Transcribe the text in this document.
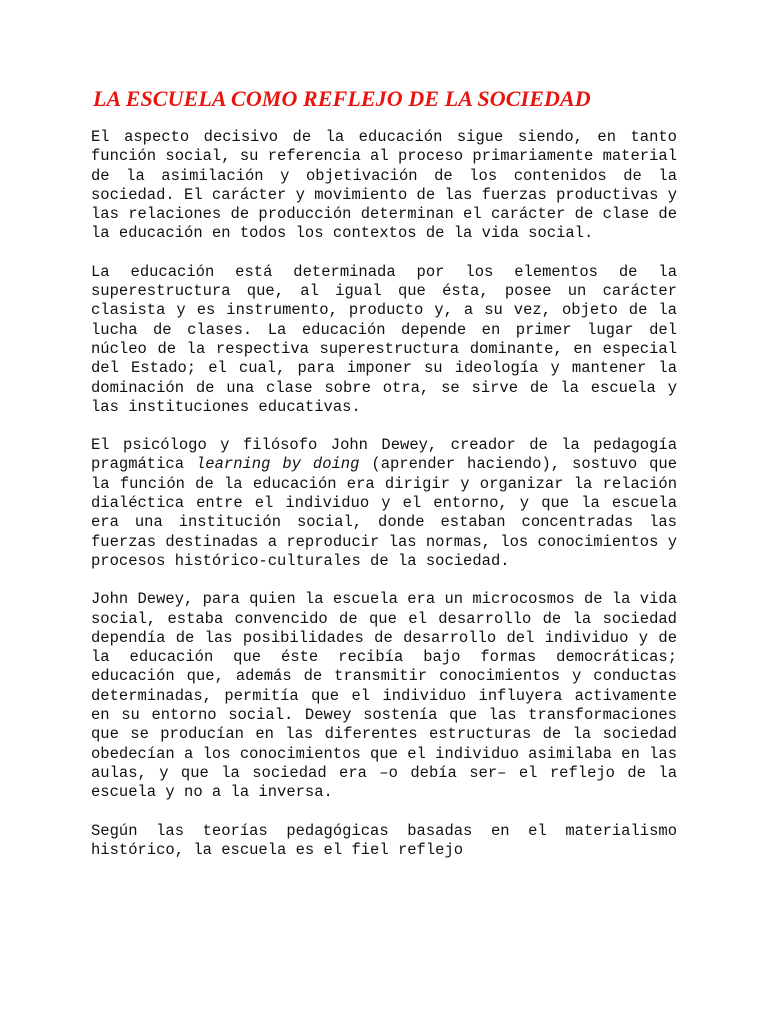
LA ESCUELA COMO REFLEJO DE LA SOCIEDAD

El aspecto decisivo de la educación sigue siendo, en tanto función social, su referencia al proceso primariamente material de la asimilación y objetivación de los contenidos de la sociedad. El carácter y movimiento de las fuerzas productivas y las relaciones de producción determinan el carácter de clase de la educación en todos los contextos de la vida social.

La educación está determinada por los elementos de la superestructura que, al igual que ésta, posee un carácter clasista y es instrumento, producto y, a su vez, objeto de la lucha de clases. La educación depende en primer lugar del núcleo de la respectiva superestructura dominante, en especial del Estado; el cual, para imponer su ideología y mantener la dominación de una clase sobre otra, se sirve de la escuela y las instituciones educativas.

El psicólogo y filósofo John Dewey, creador de la pedagogía pragmática learning by doing (aprender haciendo), sostuvo que la función de la educación era dirigir y organizar la relación dialéctica entre el individuo y el entorno, y que la escuela era una institución social, donde estaban concentradas las fuerzas destinadas a reproducir las normas, los conocimientos y procesos histórico-culturales de la sociedad.

John Dewey, para quien la escuela era un microcosmos de la vida social, estaba convencido de que el desarrollo de la sociedad dependía de las posibilidades de desarrollo del individuo y de la educación que éste recibía bajo formas democráticas; educación que, además de transmitir conocimientos y conductas determinadas, permitía que el individuo influyera activamente en su entorno social. Dewey sostenía que las transformaciones que se producían en las diferentes estructuras de la sociedad obedecían a los conocimientos que el individuo asimilaba en las aulas, y que la sociedad era –o debía ser– el reflejo de la escuela y no a la inversa.

Según las teorías pedagógicas basadas en el materialismo histórico, la escuela es el fiel reflejo
